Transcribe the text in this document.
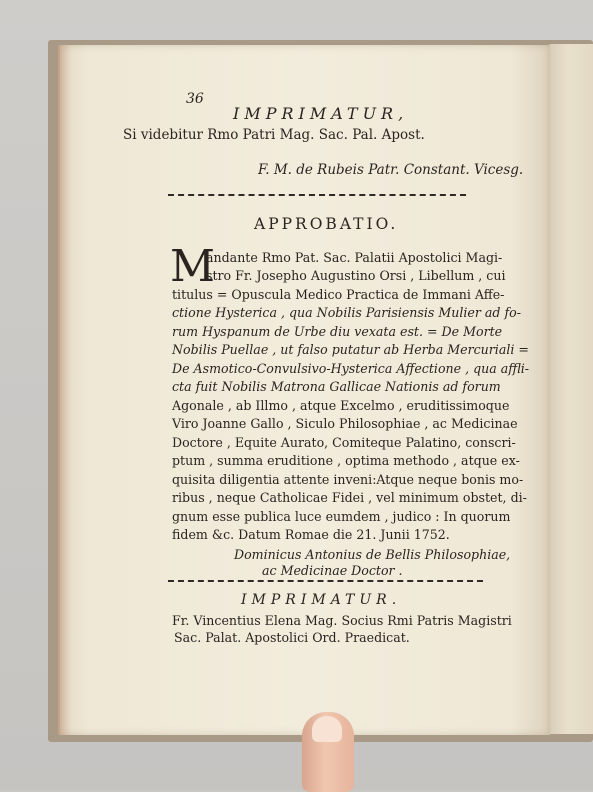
36
IMPRIMATUR,
Si videbitur Rmo Patri Mag. Sac. Pal. Apost.
F. M. de Rubeis Patr. Constant. Vicesg.
APPROBATIO.
M
andante Rmo Pat. Sac. Palatii Apostolici Magi-
stro Fr. Josepho Augustino Orsi , Libellum , cui
titulus = Opuscula Medico Practica de Immani Affe-
ctione Hysterica , qua Nobilis Parisiensis Mulier ad fo-
rum Hyspanum de Urbe diu vexata est. = De Morte
Nobilis Puellae , ut falso putatur ab Herba Mercuriali =
De Asmotico-Convulsivo-Hysterica Affectione , qua affli-
cta fuit Nobilis Matrona Gallicae Nationis ad forum
Agonale , ab Illmo , atque Excelmo , eruditissimoque
Viro Joanne Gallo , Siculo Philosophiae , ac Medicinae
Doctore , Equite Aurato, Comiteque Palatino, conscri-
ptum , summa eruditione , optima methodo , atque ex-
quisita diligentia attente inveni:Atque neque bonis mo-
ribus , neque Catholicae Fidei , vel minimum obstet, di-
gnum esse publica luce eumdem , judico : In quorum
fidem &c. Datum Romae die 21. Junii 1752.
Dominicus Antonius de Bellis Philosophiae,
ac Medicinae Doctor .
IMPRIMATUR.
Fr. Vincentius Elena Mag. Socius Rmi Patris Magistri
Sac. Palat. Apostolici Ord. Praedicat.
